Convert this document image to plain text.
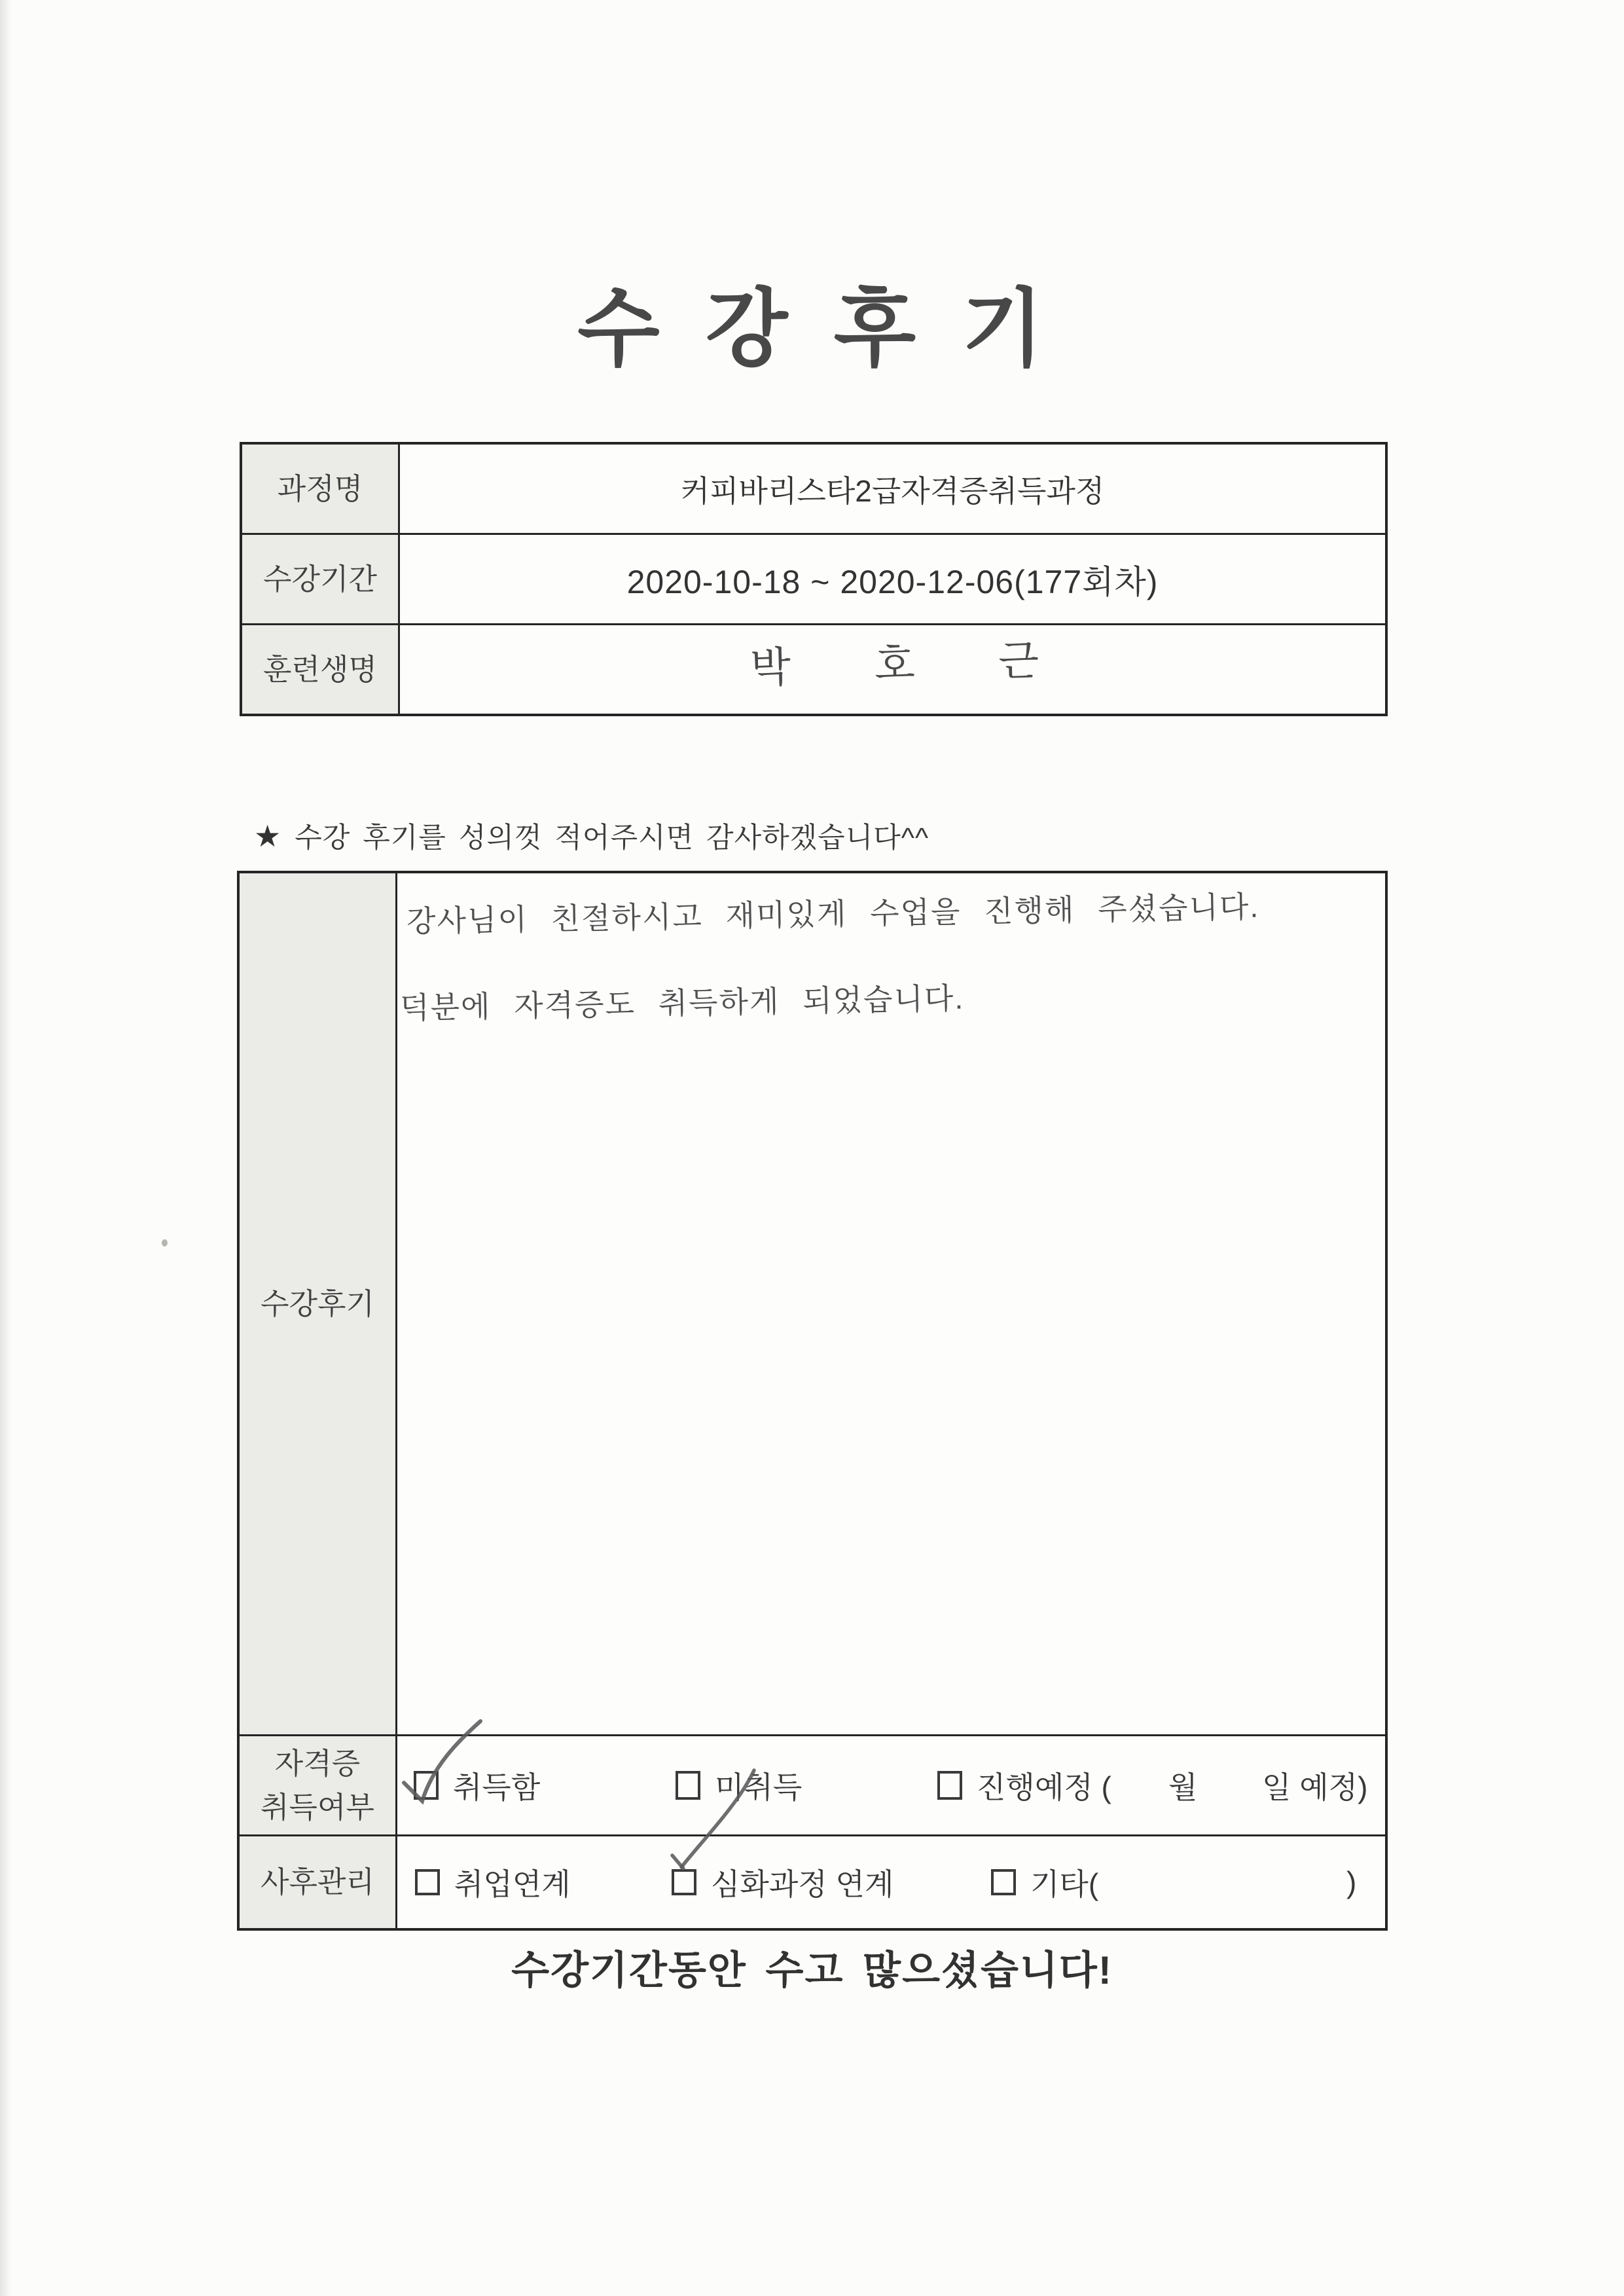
수 강 후 기
과정명	커피바리스타2급자격증취득과정
수강기간	2020-10-18 ~ 2020-12-06(177회차)
훈련생명	박 호 근
★ 수강 후기를 성의껏 적어주시면 감사하겠습니다^^
수강후기
강사님이 친절하시고 재미있게 수업을 진행해 주셨습니다.
덕분에 자격증도 취득하게 되었습니다.
자격증
취득여부
취득함	미취득	진행예정 ( 월 일 예정)
사후관리	취업연계	심화과정 연계	기타(	)
수강기간동안 수고 많으셨습니다!
